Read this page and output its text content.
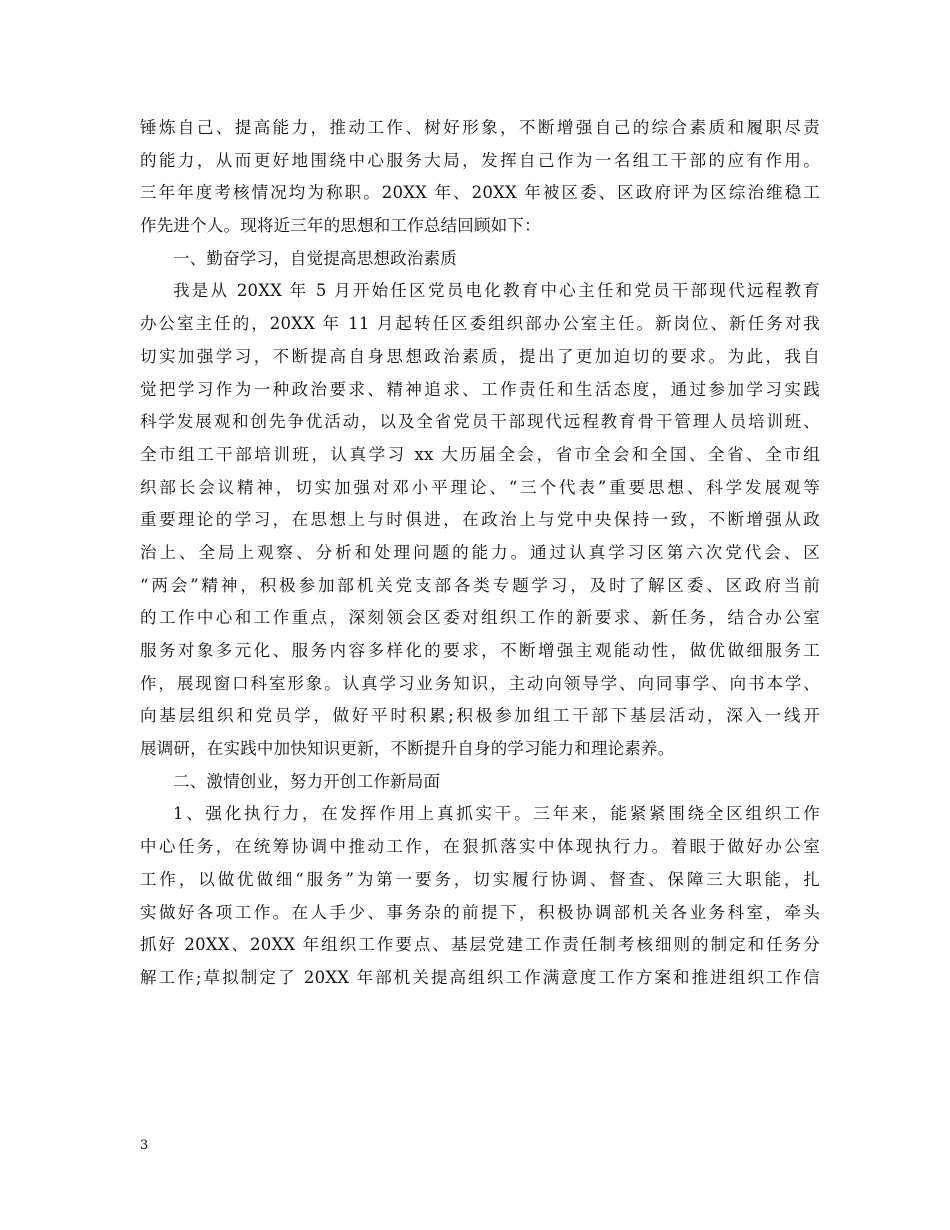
锤炼自己、提高能力，推动工作、树好形象，不断增强自己的综合素质和履职尽责
的能力，从而更好地围绕中心服务大局，发挥自己作为一名组工干部的应有作用。
三年年度考核情况均为称职。20XX 年、20XX 年被区委、区政府评为区综治维稳工
作先进个人。现将近三年的思想和工作总结回顾如下：
一、勤奋学习，自觉提高思想政治素质
我是从 20XX 年 5 月开始任区党员电化教育中心主任和党员干部现代远程教育
办公室主任的，20XX 年 11 月起转任区委组织部办公室主任。新岗位、新任务对我
切实加强学习，不断提高自身思想政治素质，提出了更加迫切的要求。为此，我自
觉把学习作为一种政治要求、精神追求、工作责任和生活态度，通过参加学习实践
科学发展观和创先争优活动，以及全省党员干部现代远程教育骨干管理人员培训班、
全市组工干部培训班，认真学习 xx 大历届全会，省市全会和全国、全省、全市组
织部长会议精神，切实加强对邓小平理论、“三个代表”重要思想、科学发展观等
重要理论的学习，在思想上与时俱进，在政治上与党中央保持一致，不断增强从政
治上、全局上观察、分析和处理问题的能力。通过认真学习区第六次党代会、区
“两会”精神，积极参加部机关党支部各类专题学习，及时了解区委、区政府当前
的工作中心和工作重点，深刻领会区委对组织工作的新要求、新任务，结合办公室
服务对象多元化、服务内容多样化的要求，不断增强主观能动性，做优做细服务工
作，展现窗口科室形象。认真学习业务知识，主动向领导学、向同事学、向书本学、
向基层组织和党员学，做好平时积累;积极参加组工干部下基层活动，深入一线开
展调研，在实践中加快知识更新，不断提升自身的学习能力和理论素养。
二、激情创业，努力开创工作新局面
1、强化执行力，在发挥作用上真抓实干。三年来，能紧紧围绕全区组织工作
中心任务，在统筹协调中推动工作，在狠抓落实中体现执行力。着眼于做好办公室
工作，以做优做细“服务”为第一要务，切实履行协调、督查、保障三大职能，扎
实做好各项工作。在人手少、事务杂的前提下，积极协调部机关各业务科室，牵头
抓好 20XX、20XX 年组织工作要点、基层党建工作责任制考核细则的制定和任务分
解工作;草拟制定了 20XX 年部机关提高组织工作满意度工作方案和推进组织工作信
3
